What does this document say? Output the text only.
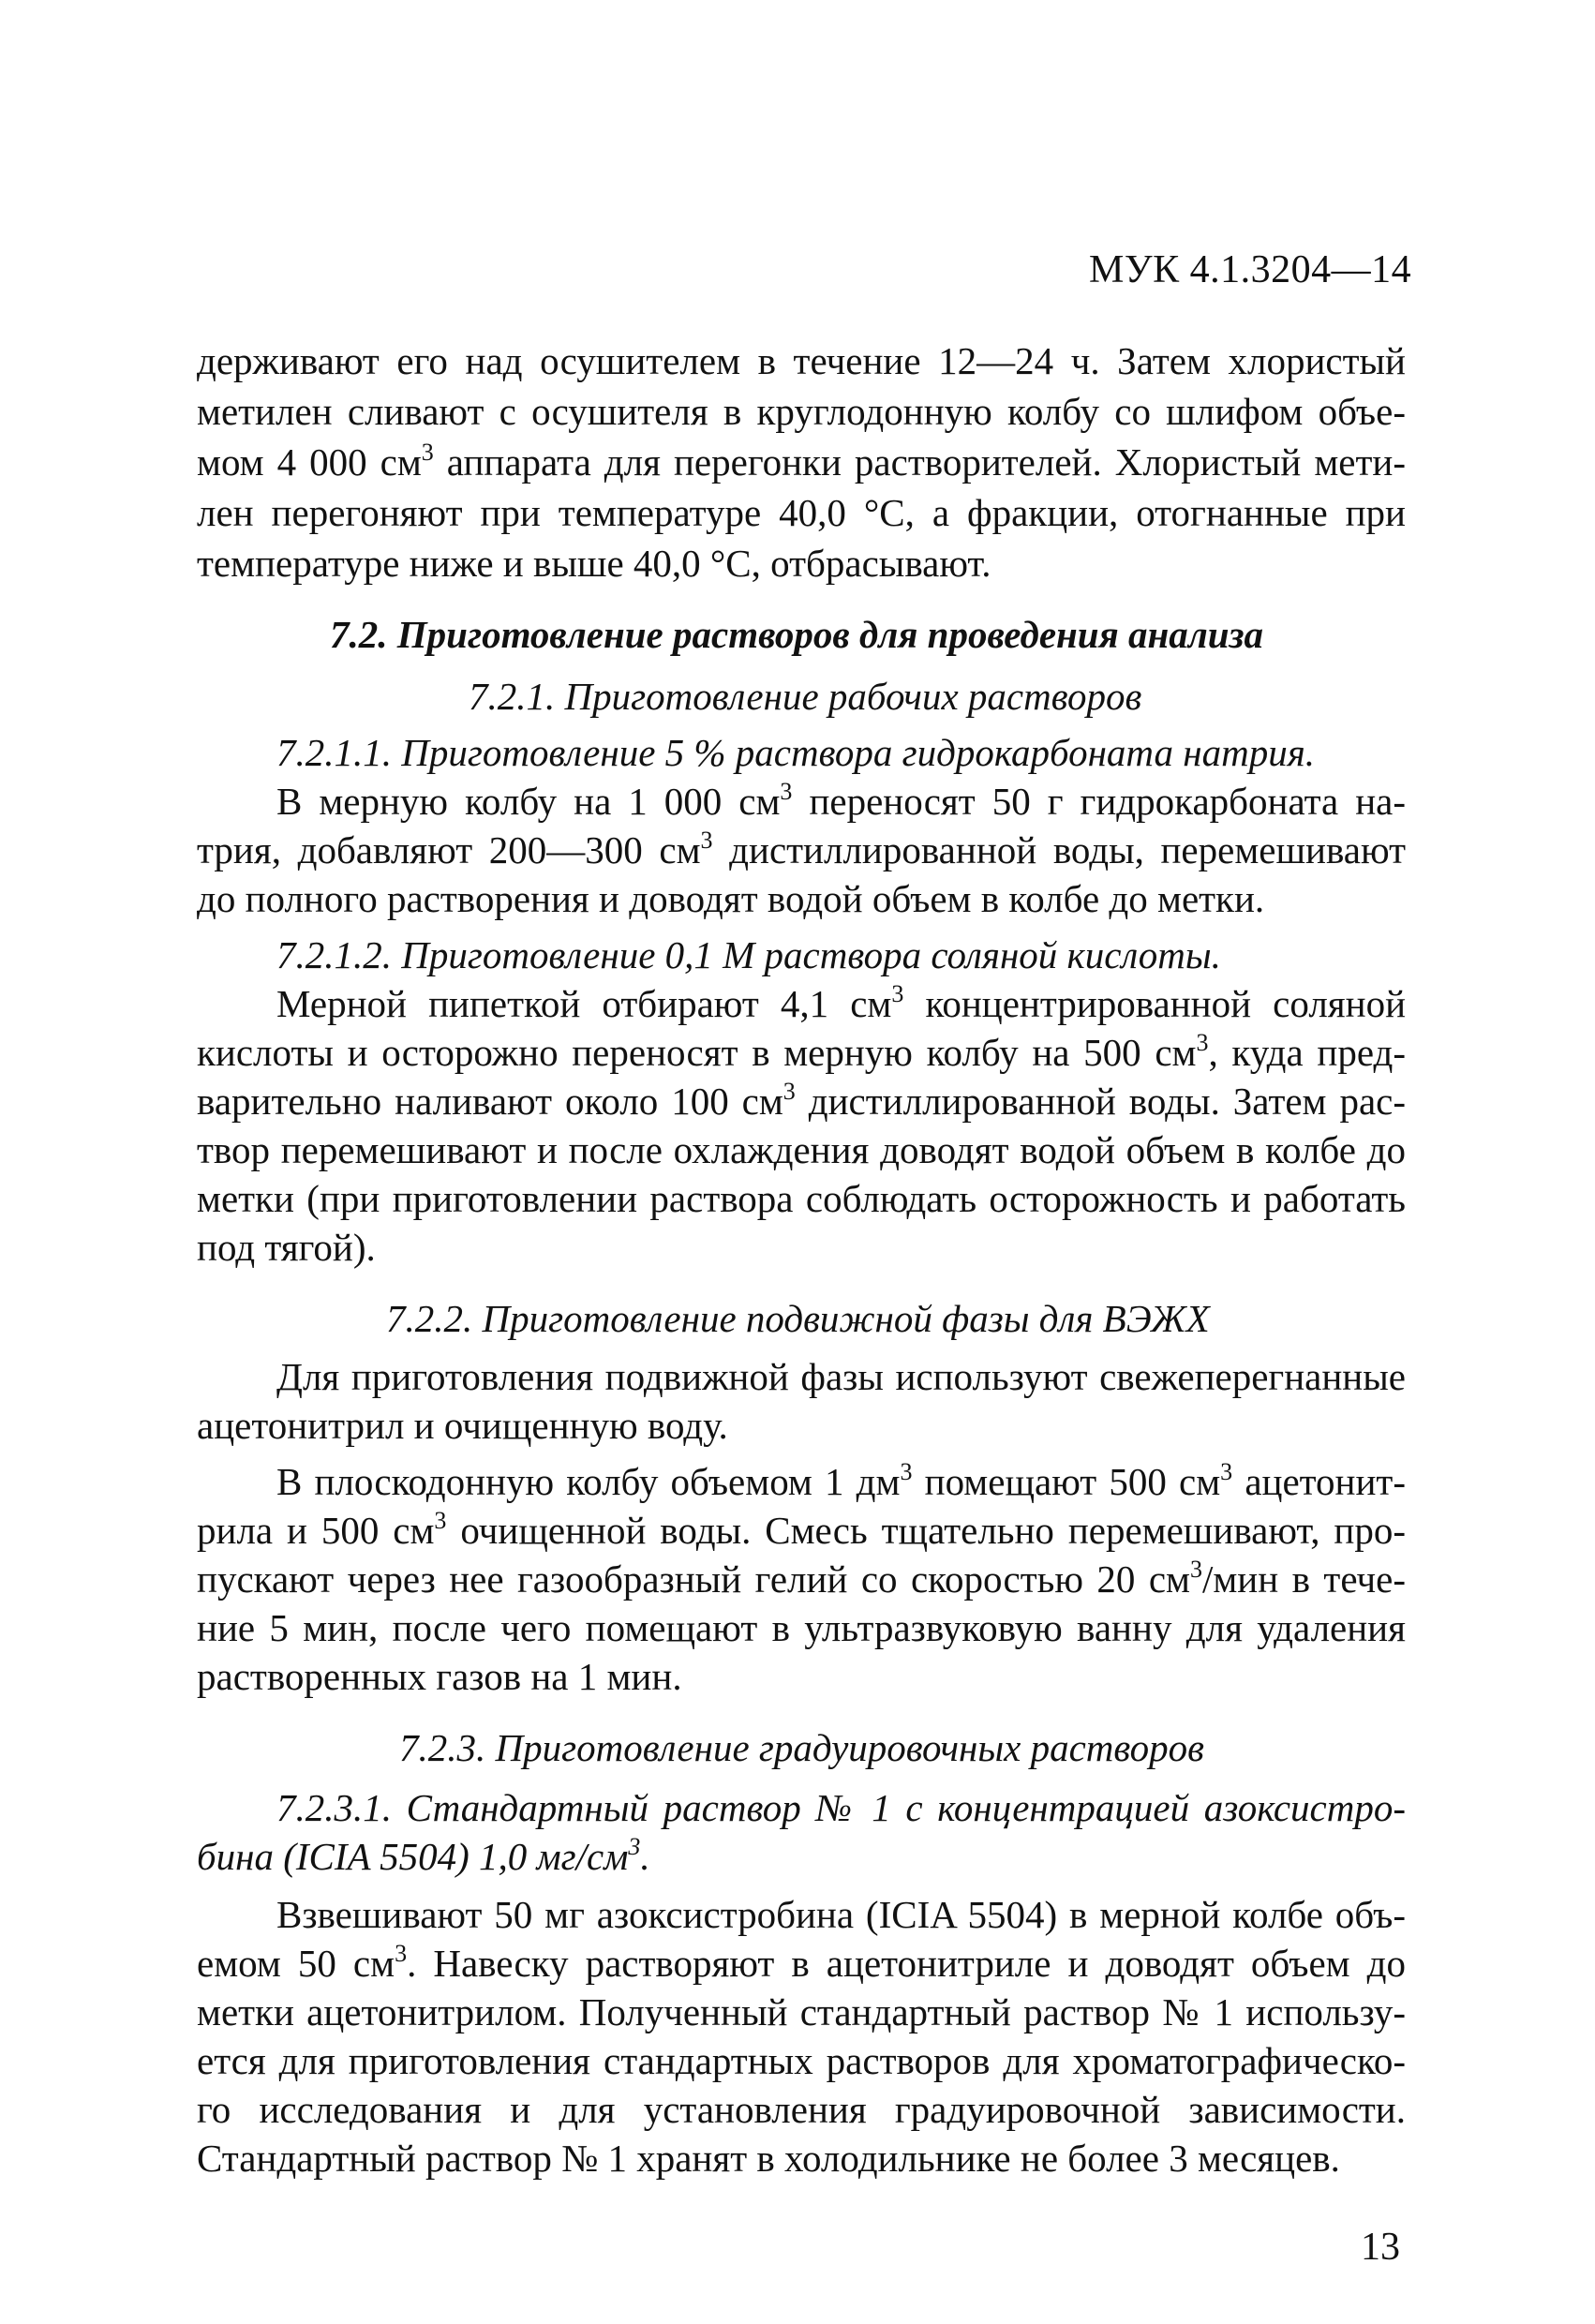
МУК 4.1.3204—14
держивают его над осушителем в течение 12—24 ч. Затем хлористый
метилен сливают с осушителя в круглодонную колбу со шлифом объе-
мом 4 000 $см^3$ аппарата для перегонки растворителей. Хлористый мети-
лен перегоняют при температуре 40,0 °С, а фракции, отогнанные при
температуре ниже и выше 40,0 °С, отбрасывают.
7.2. Приготовление растворов для проведения анализа
7.2.1. Приготовление рабочих растворов
7.2.1.1. Приготовление 5 % раствора гидрокарбоната натрия.
В мерную колбу на 1 000 $см^3$ переносят 50 г гидрокарбоната на-
трия, добавляют 200—300 $см^3$ дистиллированной воды, перемешивают
до полного растворения и доводят водой объем в колбе до метки.
7.2.1.2. Приготовление 0,1 М раствора соляной кислоты.
Мерной пипеткой отбирают 4,1 $см^3$ концентрированной соляной
кислоты и осторожно переносят в мерную колбу на 500 $см^3$, куда пред-
варительно наливают около 100 $см^3$ дистиллированной воды. Затем рас-
твор перемешивают и после охлаждения доводят водой объем в колбе до
метки (при приготовлении раствора соблюдать осторожность и работать
под тягой).
7.2.2. Приготовление подвижной фазы для ВЭЖХ
Для приготовления подвижной фазы используют свежеперегнанные
ацетонитрил и очищенную воду.
В плоскодонную колбу объемом 1 $дм^3$ помещают 500 $см^3$ ацетонит-
рила и 500 $см^3$ очищенной воды. Смесь тщательно перемешивают, про-
пускают через нее газообразный гелий со скоростью 20 $см^3$/мин в тече-
ние 5 мин, после чего помещают в ультразвуковую ванну для удаления
растворенных газов на 1 мин.
7.2.3. Приготовление градуировочных растворов
7.2.3.1. Стандартный раствор № 1 с концентрацией азоксистро-
бина (ICIA 5504) 1,0 $мг/см^3$.
Взвешивают 50 мг азоксистробина (ICIA 5504) в мерной колбе объ-
емом 50 $см^3$. Навеску растворяют в ацетонитриле и доводят объем до
метки ацетонитрилом. Полученный стандартный раствор № 1 использу-
ется для приготовления стандартных растворов для хроматографическо-
го исследования и для установления градуировочной зависимости.
Стандартный раствор № 1 хранят в холодильнике не более 3 месяцев.
13
